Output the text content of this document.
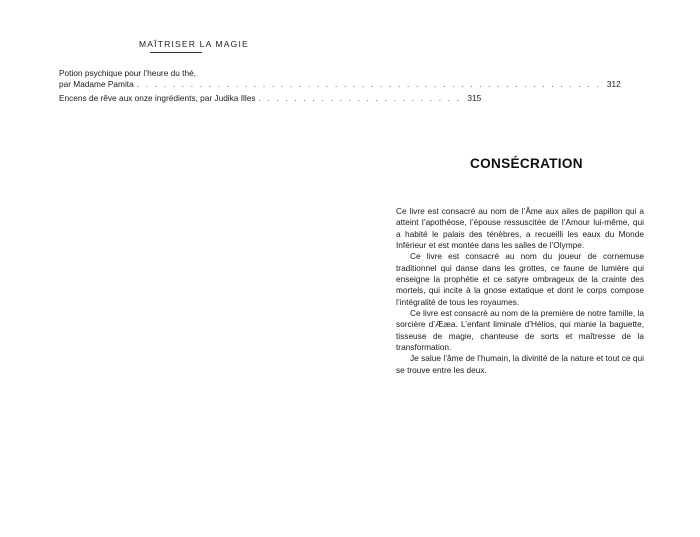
MAÎTRISER LA MAGIE
Potion psychique pour l’heure du thé,
par Madame Pamita . . . . . . . . . . . . . . . . . . . . . . . . . . . . . . . . . . . . . . . . . . . . . . . . . . . . 312
Encens de rêve aux onze ingrédients, par Judika Illes . . . . . . . . . . . . . . . . . . . . . . . 315
CONSÉCRATION

Ce livre est consacré au nom de l’Âme aux ailes de papillon qui a atteint l’apothéose, l’épouse ressuscitée de l’Amour lui-même, qui a habité le palais des ténèbres, a recueilli les eaux du Monde Inférieur et est montée dans les salles de l’Olympe.

Ce livre est consacré au nom du joueur de cornemuse traditionnel qui danse dans les grottes, ce faune de lumière qui enseigne la prophétie et ce satyre ombrageux de la crainte des mortels, qui incite à la gnose extatique et dont le corps compose l’intégralité de tous les royaumes.

Ce livre est consacré au nom de la première de notre famille, la sorcière d’Ææa. L’enfant liminale d’Hélios, qui manie la baguette, tisseuse de magie, chanteuse de sorts et maîtresse de la transformation.

Je salue l’âme de l’humain, la divinité de la nature et tout ce qui se trouve entre les deux.
